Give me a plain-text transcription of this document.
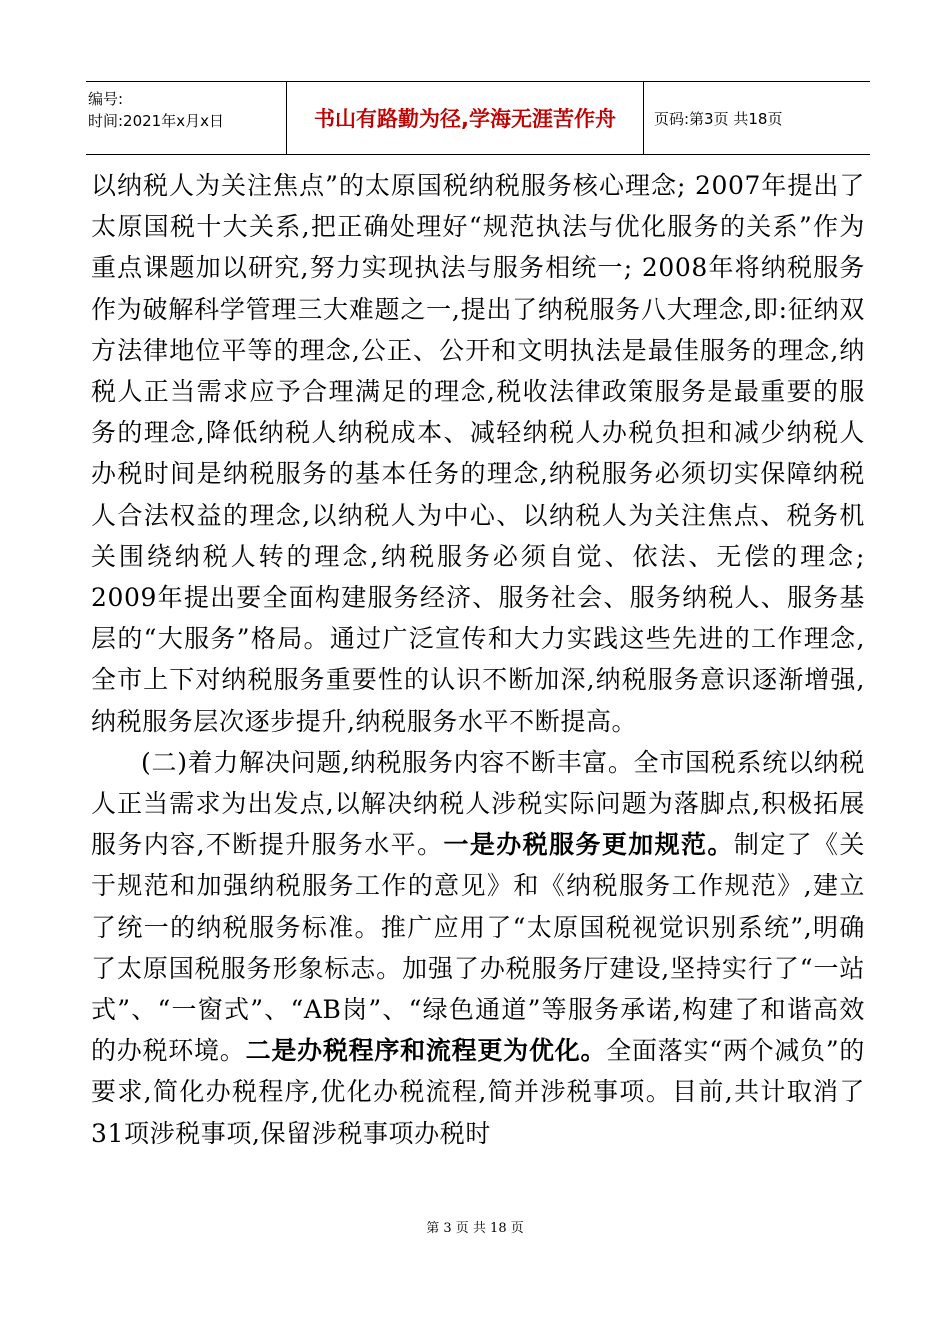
编号:
时间:2021年x月x日	书山有路勤为径,学海无涯苦作舟	页码:第3页 共18页

以纳税人为关注焦点”的太原国税纳税服务核心理念; 2007年提出了太原国税十大关系,把正确处理好“规范执法与优化服务的关系”作为重点课题加以研究,努力实现执法与服务相统一; 2008年将纳税服务作为破解科学管理三大难题之一,提出了纳税服务八大理念,即:征纳双方法律地位平等的理念,公正、公开和文明执法是最佳服务的理念,纳税人正当需求应予合理满足的理念,税收法律政策服务是最重要的服务的理念,降低纳税人纳税成本、减轻纳税人办税负担和减少纳税人办税时间是纳税服务的基本任务的理念,纳税服务必须切实保障纳税人合法权益的理念,以纳税人为中心、以纳税人为关注焦点、税务机关围绕纳税人转的理念,纳税服务必须自觉、依法、无偿的理念; 2009年提出要全面构建服务经济、服务社会、服务纳税人、服务基层的“大服务”格局。通过广泛宣传和大力实践这些先进的工作理念,全市上下对纳税服务重要性的认识不断加深,纳税服务意识逐渐增强,纳税服务层次逐步提升,纳税服务水平不断提高。

(二)着力解决问题,纳税服务内容不断丰富。全市国税系统以纳税人正当需求为出发点,以解决纳税人涉税实际问题为落脚点,积极拓展服务内容,不断提升服务水平。一是办税服务更加规范。制定了《关于规范和加强纳税服务工作的意见》和《纳税服务工作规范》,建立了统一的纳税服务标准。推广应用了“太原国税视觉识别系统”,明确了太原国税服务形象标志。加强了办税服务厅建设,坚持实行了“一站式”、“一窗式”、“AB岗”、“绿色通道”等服务承诺,构建了和谐高效的办税环境。二是办税程序和流程更为优化。全面落实“两个减负”的要求,简化办税程序,优化办税流程,简并涉税事项。目前,共计取消了31项涉税事项,保留涉税事项办税时

第 3 页 共 18 页
